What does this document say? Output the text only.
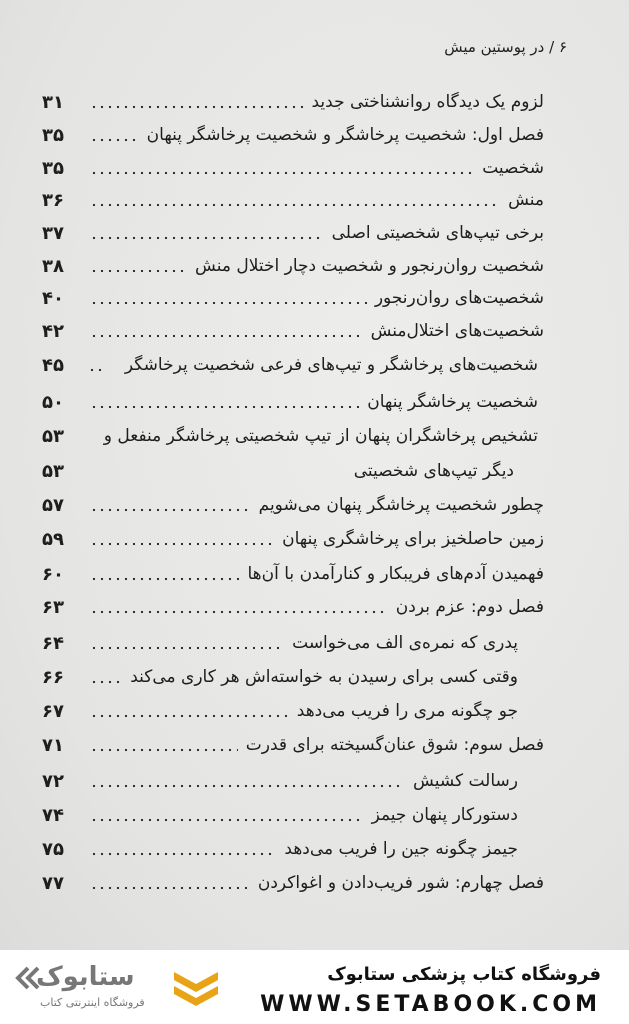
۶ / در پوستین میش
لزوم یک دیدگاه روانشناختی جدید
۳۱
فصل اول: شخصیت پرخاشگر و شخصیت پرخاشگر پنهان
۳۵
شخصیت
۳۵
منش
۳۶
برخی تیپ‌های شخصیتی اصلی
۳۷
شخصیت روان‌رنجور و شخصیت دچار اختلال منش
۳۸
شخصیت‌های روان‌رنجور
۴۰
شخصیت‌های اختلال‌منش
۴۲
شخصیت‌های پرخاشگر و تیپ‌های فرعی شخصیت پرخاشگر
۴۵
شخصیت پرخاشگر پنهان
۵۰
تشخیص پرخاشگران پنهان از تیپ شخصیتی پرخاشگر منفعل و
۵۳
دیگر تیپ‌های شخصیتی
۵۳
چطور شخصیت پرخاشگر پنهان می‌شویم
۵۷
زمین حاصلخیز برای پرخاشگری پنهان
۵۹
فهمیدن آدم‌های فریبکار و کنارآمدن با آن‌ها
۶۰
فصل دوم: عزم بردن
۶۳
پدری که نمره‌ی الف می‌خواست
۶۴
وقتی کسی برای رسیدن به خواسته‌اش هر کاری می‌کند
۶۶
جو چگونه مری را فریب می‌دهد
۶۷
فصل سوم: شوق عنان‌گسیخته برای قدرت
۷۱
رسالت کشیش
۷۲
دستورکار پنهان جیمز
۷۴
جیمز چگونه جین را فریب می‌دهد
۷۵
فصل چهارم: شور فریب‌دادن و اغواکردن
۷۷
فروشگاه کتاب پزشکی ستابوک
WWW.SETABOOK.COM
ستابوک
فروشگاه اینترنتی کتاب
